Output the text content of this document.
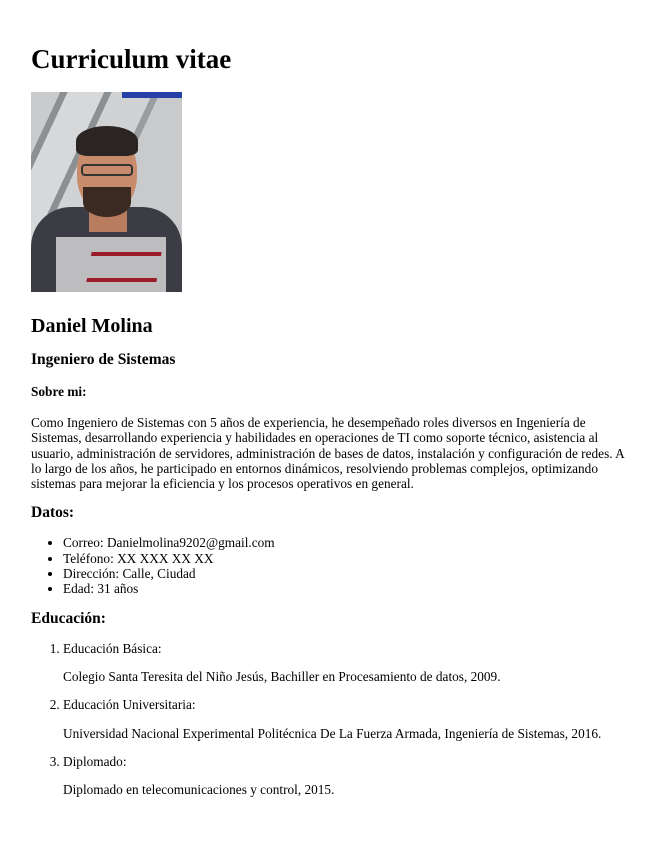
Curriculum vitae
Daniel Molina
Ingeniero de Sistemas
Sobre mi:

Como Ingeniero de Sistemas con 5 años de experiencia, he desempeñado roles diversos en Ingeniería de Sistemas, desarrollando experiencia y habilidades en operaciones de TI como soporte técnico, asistencia al usuario, administración de servidores, administración de bases de datos, instalación y configuración de redes. A lo largo de los años, he participado en entornos dinámicos, resolviendo problemas complejos, optimizando sistemas para mejorar la eficiencia y los procesos operativos en general.

Datos:
• Correo: Danielmolina9202@gmail.com
• Teléfono: XX XXX XX XX
• Dirección: Calle, Ciudad
• Edad: 31 años
Educación:
1. Educación Básica:

Colegio Santa Teresita del Niño Jesús, Bachiller en Procesamiento de datos, 2009.

2. Educación Universitaria:

Universidad Nacional Experimental Politécnica De La Fuerza Armada, Ingeniería de Sistemas, 2016.

3. Diplomado:

Diplomado en telecomunicaciones y control, 2015.
